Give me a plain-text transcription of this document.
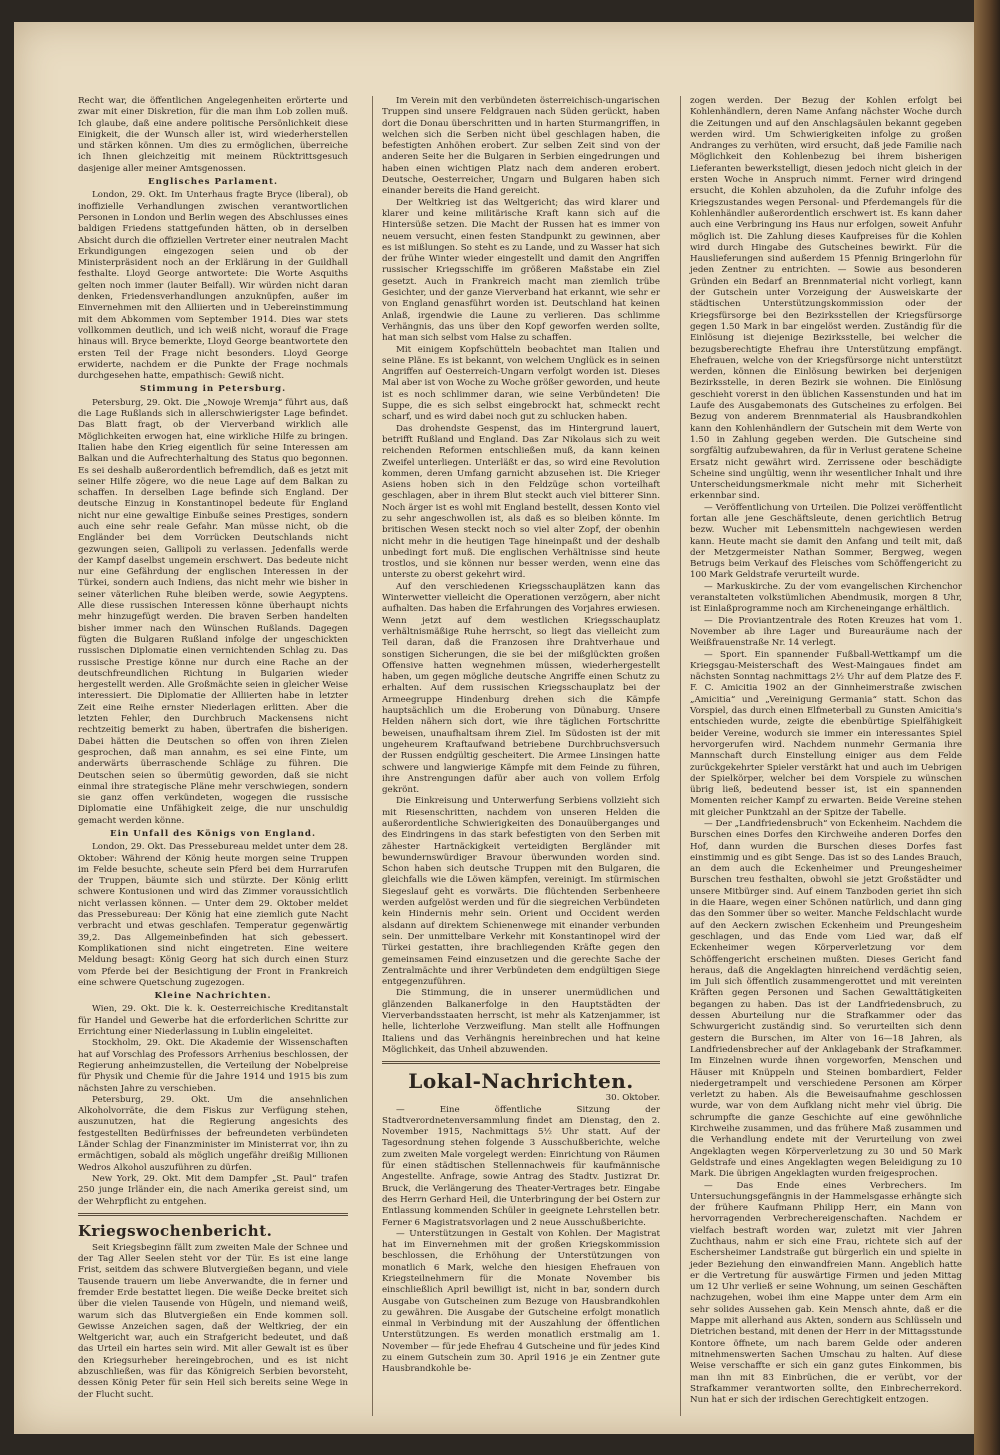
Recht war, die öffentlichen Angelegenheiten erörterte und zwar mit einer Diskretion, für die man ihm Lob zollen muß. Ich glaube, daß eine andere politische Persönlichkeit diese Einigkeit, die der Wunsch aller ist, wird wiederherstellen und stärken können. Um dies zu ermöglichen, überreiche ich Ihnen gleichzeitig mit meinem Rücktrittsgesuch dasjenige aller meiner Amtsgenossen.

Englisches Parlament.

London, 29. Okt. Im Unterhaus fragte Bryce (liberal), ob inoffizielle Verhandlungen zwischen verantwortlichen Personen in London und Berlin wegen des Abschlusses eines baldigen Friedens stattgefunden hätten, ob in derselben Absicht durch die offiziellen Vertreter einer neutralen Macht Erkundigungen eingezogen seien und ob der Ministerpräsident noch an der Erklärung in der Guildhall festhalte. Lloyd George antwortete: Die Worte Asquiths gelten noch immer (lauter Beifall). Wir würden nicht daran denken, Friedensverhandlungen anzuknüpfen, außer im Einvernehmen mit den Alliierten und in Uebereinstimmung mit dem Abkommen vom September 1914. Dies war stets vollkommen deutlich, und ich weiß nicht, worauf die Frage hinaus will. Bryce bemerkte, Lloyd George beantwortete den ersten Teil der Frage nicht besonders. Lloyd George erwiderte, nachdem er die Punkte der Frage nochmals durchgesehen hatte, empathisch: Gewiß nicht.

Stimmung in Petersburg.

Petersburg, 29. Okt. Die „Nowoje Wremja“ führt aus, daß die Lage Rußlands sich in allerschwierigster Lage befindet. Das Blatt fragt, ob der Vierverband wirklich alle Möglichkeiten erwogen hat, eine wirkliche Hilfe zu bringen. Italien habe den Krieg eigentlich für seine Interessen am Balkan und die Aufrechterhaltung des Status quo begonnen. Es sei deshalb außerordentlich befremdlich, daß es jetzt mit seiner Hilfe zögere, wo die neue Lage auf dem Balkan zu schaffen. In derselben Lage befinde sich England. Der deutsche Einzug in Konstantinopel bedeute für England nicht nur eine gewaltige Einbuße seines Prestiges, sondern auch eine sehr reale Gefahr. Man müsse nicht, ob die Engländer bei dem Vorrücken Deutschlands nicht gezwungen seien, Gallipoli zu verlassen. Jedenfalls werde der Kampf daselbst ungemein erschwert. Das bedeute nicht nur eine Gefährdung der englischen Interessen in der Türkei, sondern auch Indiens, das nicht mehr wie bisher in seiner väterlichen Ruhe bleiben werde, sowie Aegyptens. Alle diese russischen Interessen könne überhaupt nichts mehr hinzugefügt werden. Die braven Serben handelten bisher immer nach den Wünschen Rußlands. Dagegen fügten die Bulgaren Rußland infolge der ungeschickten russischen Diplomatie einen vernichtenden Schlag zu. Das russische Prestige könne nur durch eine Rache an der deutschfreundlichen Richtung in Bulgarien wieder hergestellt werden. Alle Großmächte seien in gleicher Weise interessiert. Die Diplomatie der Alliierten habe in letzter Zeit eine Reihe ernster Niederlagen erlitten. Aber die letzten Fehler, den Durchbruch Mackensens nicht rechtzeitig bemerkt zu haben, übertrafen die bisherigen. Dabei hätten die Deutschen so offen von ihren Zielen gesprochen, daß man annahm, es sei eine Finte, um anderwärts überraschende Schläge zu führen. Die Deutschen seien so übermütig geworden, daß sie nicht einmal ihre strategische Pläne mehr verschwiegen, sondern sie ganz offen verkündeten, wogegen die russische Diplomatie eine Unfähigkeit zeige, die nur unschuldig gemacht werden könne.

Ein Unfall des Königs von England.

London, 29. Okt. Das Pressebureau meldet unter dem 28. Oktober: Während der König heute morgen seine Truppen im Felde besuchte, scheute sein Pferd bei dem Hurrarufen der Truppen, bäumte sich und stürzte. Der König erlitt schwere Kontusionen und wird das Zimmer voraussichtlich nicht verlassen können. — Unter dem 29. Oktober meldet das Pressebureau: Der König hat eine ziemlich gute Nacht verbracht und etwas geschlafen. Temperatur gegenwärtig 39,2. Das Allgemeinbefinden hat sich gebessert. Komplikationen sind nicht eingetreten. Eine weitere Meldung besagt: König Georg hat sich durch einen Sturz vom Pferde bei der Besichtigung der Front in Frankreich eine schwere Quetschung zugezogen.

Kleine Nachrichten.

Wien, 29. Okt. Die k. k. Oesterreichische Kreditanstalt für Handel und Gewerbe hat die erforderlichen Schritte zur Errichtung einer Niederlassung in Lublin eingeleitet.

Stockholm, 29. Okt. Die Akademie der Wissenschaften hat auf Vorschlag des Professors Arrhenius beschlossen, der Regierung anheimzustellen, die Verteilung der Nobelpreise für Physik und Chemie für die Jahre 1914 und 1915 bis zum nächsten Jahre zu verschieben.

Petersburg, 29. Okt. Um die ansehnlichen Alkoholvorräte, die dem Fiskus zur Verfügung stehen, auszunutzen, hat die Regierung angesichts des festgestellten Bedürfnisses der befreundeten verbündeten Länder Schlag der Finanzminister im Ministerrat vor, ihn zu ermächtigen, sobald als möglich ungefähr dreißig Millionen Wedros Alkohol auszuführen zu dürfen.

New York, 29. Okt. Mit dem Dampfer „St. Paul“ trafen 250 junge Irländer ein, die nach Amerika gereist sind, um der Wehrpflicht zu entgehen.

Kriegswochenbericht.

Seit Kriegsbeginn fällt zum zweiten Male der Schnee und der Tag Aller Seelen steht vor der Tür. Es ist eine lange Frist, seitdem das schwere Blutvergießen begann, und viele Tausende trauern um liebe Anverwandte, die in ferner und fremder Erde bestattet liegen. Die weiße Decke breitet sich über die vielen Tausende von Hügeln, und niemand weiß, warum sich das Blutvergießen ein Ende kommen soll. Gewisse Anzeichen sagen, daß der Weltkrieg, der ein Weltgericht war, auch ein Strafgericht bedeutet, und daß das Urteil ein hartes sein wird. Mit aller Gewalt ist es über den Kriegsurheber hereingebrochen, und es ist nicht abzuschließen, was für das Königreich Serbien bevorsteht, dessen König Peter für sein Heil sich bereits seine Wege in der Flucht sucht.

Im Verein mit den verbündeten österreichisch-ungarischen Truppen sind unsere Feldgrauen nach Süden gerückt, haben dort die Donau überschritten und in harten Sturmangriffen, in welchen sich die Serben nicht übel geschlagen haben, die befestigten Anhöhen erobert. Zur selben Zeit sind von der anderen Seite her die Bulgaren in Serbien eingedrungen und haben einen wichtigen Platz nach dem anderen erobert. Deutsche, Oesterreicher, Ungarn und Bulgaren haben sich einander bereits die Hand gereicht.

Der Weltkrieg ist das Weltgericht; das wird klarer und klarer und keine militärische Kraft kann sich auf die Hintersüße setzen. Die Macht der Russen hat es immer von neuem versucht, einen festen Standpunkt zu gewinnen, aber es ist mißlungen. So steht es zu Lande, und zu Wasser hat sich der frühe Winter wieder eingestellt und damit den Angriffen russischer Kriegsschiffe im größeren Maßstabe ein Ziel gesetzt. Auch in Frankreich macht man ziemlich trübe Gesichter, und der ganze Vierverband hat erkannt, wie sehr er von England genasführt worden ist. Deutschland hat keinen Anlaß, irgendwie die Laune zu verlieren. Das schlimme Verhängnis, das uns über den Kopf geworfen werden sollte, hat man sich selbst vom Halse zu schaffen.

Mit einigem Kopfschütteln beobachtet man Italien und seine Pläne. Es ist bekannt, von welchem Unglück es in seinen Angriffen auf Oesterreich-Ungarn verfolgt worden ist. Dieses Mal aber ist von Woche zu Woche größer geworden, und heute ist es noch schlimmer daran, wie seine Verbündeten! Die Suppe, die es sich selbst eingebrockt hat, schmeckt recht scharf, und es wird dabei noch gut zu schlucken haben.

Das drohendste Gespenst, das im Hintergrund lauert, betrifft Rußland und England. Das Zar Nikolaus sich zu weit reichenden Reformen entschließen muß, da kann keinen Zweifel unterliegen. Unterläßt er das, so wird eine Revolution kommen, deren Umfang garnicht abzusehen ist. Die Krieger Asiens hoben sich in den Feldzüge schon vorteilhaft geschlagen, aber in ihrem Blut steckt auch viel bitterer Sinn. Noch ärger ist es wohl mit England bestellt, dessen Konto viel zu sehr angeschwollen ist, als daß es so bleiben könnte. Im britischen Wesen steckt noch so viel alter Zopf, der obenhin nicht mehr in die heutigen Tage hineinpaßt und der deshalb unbedingt fort muß. Die englischen Verhältnisse sind heute trostlos, und sie können nur besser werden, wenn eine das unterste zu oberst gekehrt wird.

Auf den verschiedenen Kriegsschauplätzen kann das Winterwetter vielleicht die Operationen verzögern, aber nicht aufhalten. Das haben die Erfahrungen des Vorjahres erwiesen. Wenn jetzt auf dem westlichen Kriegsschauplatz verhältnismäßige Ruhe herrscht, so liegt das vielleicht zum Teil daran, daß die Franzosen ihre Drahtverhaue und sonstigen Sicherungen, die sie bei der mißglückten großen Offensive hatten wegnehmen müssen, wiederhergestellt haben, um gegen mögliche deutsche Angriffe einen Schutz zu erhalten. Auf dem russischen Kriegsschauplatz bei der Armeegruppe Hindenburg drehen sich die Kämpfe hauptsächlich um die Eroberung von Dünaburg. Unsere Helden nähern sich dort, wie ihre täglichen Fortschritte beweisen, unaufhaltsam ihrem Ziel. Im Südosten ist der mit ungeheurem Kraftaufwand betriebene Durchbruchsversuch der Russen endgültig gescheitert. Die Armee Linsingen hatte schwere und langwierige Kämpfe mit dem Feinde zu führen, ihre Anstrengungen dafür aber auch von vollem Erfolg gekrönt.

Die Einkreisung und Unterwerfung Serbiens vollzieht sich mit Riesenschritten, nachdem von unseren Helden die außerordentliche Schwierigkeiten des Donauüberganges und des Eindringens in das stark befestigten von den Serben mit zähester Hartnäckigkeit verteidigten Bergländer mit bewundernswürdiger Bravour überwunden worden sind. Schon haben sich deutsche Truppen mit den Bulgaren, die gleichfalls wie die Löwen kämpfen, vereinigt. Im stürmischen Siegeslauf geht es vorwärts. Die flüchtenden Serbenheere werden aufgelöst werden und für die siegreichen Verbündeten kein Hindernis mehr sein. Orient und Occident werden alsdann auf direktem Schienenwege mit einander verbunden sein. Der unmittelbare Verkehr mit Konstantinopel wird der Türkei gestatten, ihre brachliegenden Kräfte gegen den gemeinsamen Feind einzusetzen und die gerechte Sache der Zentralmächte und ihrer Verbündeten dem endgültigen Siege entgegenzuführen.

Die Stimmung, die in unserer unermüdlichen und glänzenden Balkanerfolge in den Hauptstädten der Vierverbandsstaaten herrscht, ist mehr als Katzenjammer, ist helle, lichterlohe Verzweiflung. Man stellt alle Hoffnungen Italiens und das Verhängnis hereinbrechen und hat keine Möglichkeit, das Unheil abzuwenden.

Lokal-Nachrichten.

30. Oktober.

— Eine öffentliche Sitzung der Stadtverordnetenversammlung findet am Dienstag, den 2. November 1915, Nachmittags 5½ Uhr statt. Auf der Tagesordnung stehen folgende 3 Ausschußberichte, welche zum zweiten Male vorgelegt werden: Einrichtung von Räumen für einen städtischen Stellennachweis für kaufmännische Angestellte. Anfrage, sowie Antrag des Stadtv. Justizrat Dr. Bruck, die Verlängerung des Theater-Vertrages betr. Eingabe des Herrn Gerhard Heil, die Unterbringung der bei Ostern zur Entlassung kommenden Schüler in geeignete Lehrstellen betr. Ferner 6 Magistratsvorlagen und 2 neue Ausschußberichte.

— Unterstützungen in Gestalt von Kohlen. Der Magistrat hat im Einvernehmen mit der großen Kriegskommission beschlossen, die Erhöhung der Unterstützungen von monatlich 6 Mark, welche den hiesigen Ehefrauen von Kriegsteilnehmern für die Monate November bis einschließlich April bewilligt ist, nicht in bar, sondern durch Ausgabe von Gutscheinen zum Bezuge von Hausbrandkohlen zu gewähren. Die Ausgabe der Gutscheine erfolgt monatlich einmal in Verbindung mit der Auszahlung der öffentlichen Unterstützungen. Es werden monatlich erstmalig am 1. November — für jede Ehefrau 4 Gutscheine und für jedes Kind zu einem Gutschein zum 30. April 1916 je ein Zentner gute Hausbrandkohle be-

zogen werden. Der Bezug der Kohlen erfolgt bei Kohlenhändlern, deren Name Anfang nächster Woche durch die Zeitungen und auf den Anschlagsäulen bekannt gegeben werden wird. Um Schwierigkeiten infolge zu großen Andranges zu verhüten, wird ersucht, daß jede Familie nach Möglichkeit den Kohlenbezug bei ihrem bisherigen Lieferanten bewerkstelligt, diesen jedoch nicht gleich in der ersten Woche in Anspruch nimmt. Ferner wird dringend ersucht, die Kohlen abzuholen, da die Zufuhr infolge des Kriegszustandes wegen Personal- und Pferdemangels für die Kohlenhändler außerordentlich erschwert ist. Es kann daher auch eine Verbringung ins Haus nur erfolgen, soweit Anfuhr möglich ist. Die Zahlung dieses Kaufpreises für die Kohlen wird durch Hingabe des Gutscheines bewirkt. Für die Hauslieferungen sind außerdem 15 Pfennig Bringerlohn für jeden Zentner zu entrichten. — Sowie aus besonderen Gründen ein Bedarf an Brennmaterial nicht vorliegt, kann der Gutschein unter Vorzeigung der Ausweiskarte der städtischen Unterstützungskommission oder der Kriegsfürsorge bei den Bezirksstellen der Kriegsfürsorge gegen 1.50 Mark in bar eingelöst werden. Zuständig für die Einlösung ist diejenige Bezirksstelle, bei welcher die bezugsberechtigte Ehefrau ihre Unterstützung empfängt. Ehefrauen, welche von der Kriegsfürsorge nicht unterstützt werden, können die Einlösung bewirken bei derjenigen Bezirksstelle, in deren Bezirk sie wohnen. Die Einlösung geschieht vorerst in den üblichen Kassenstunden und hat im Laufe des Ausgabemonats des Gutscheines zu erfolgen. Bei Bezug von anderem Brennmaterial als Hausbrandkohlen kann den Kohlenhändlern der Gutschein mit dem Werte von 1.50 in Zahlung gegeben werden. Die Gutscheine sind sorgfältig aufzubewahren, da für in Verlust geratene Scheine Ersatz nicht gewährt wird. Zerrissene oder beschädigte Scheine sind ungültig, wenn ihr wesentlicher Inhalt und ihre Unterscheidungsmerkmale nicht mehr mit Sicherheit erkennbar sind.

— Veröffentlichung von Urteilen. Die Polizei veröffentlicht fortan alle jene Geschäftsleute, denen gerichtlich Betrug bezw. Wucher mit Lebensmitteln nachgewiesen werden kann. Heute macht sie damit den Anfang und teilt mit, daß der Metzgermeister Nathan Sommer, Bergweg, wegen Betrugs beim Verkauf des Fleisches vom Schöffengericht zu 100 Mark Geldstrafe verurteilt wurde.

— Markuskirche. Zu der vom evangelischen Kirchenchor veranstalteten volkstümlichen Abendmusik, morgen 8 Uhr, ist Einlaßprogramme noch am Kircheneingange erhältlich.

— Die Proviantzentrale des Roten Kreuzes hat vom 1. November ab ihre Lager und Bureauräume nach der Weißfrauenstraße Nr. 14 verlegt.

— Sport. Ein spannender Fußball-Wettkampf um die Kriegsgau-Meisterschaft des West-Maingaues findet am nächsten Sonntag nachmittags 2½ Uhr auf dem Platze des F. F. C. Amicitia 1902 an der Ginnheimerstraße zwischen „Amicitia“ und „Vereinigung Germania“ statt. Schon das Vorspiel, das durch einen Elfmeterball zu Gunsten Amicitia's entschieden wurde, zeigte die ebenbürtige Spielfähigkeit beider Vereine, wodurch sie immer ein interessantes Spiel hervorgerufen wird. Nachdem nunmehr Germania ihre Mannschaft durch Einstellung einiger aus dem Felde zurückgekehrter Spieler verstärkt hat und auch im Uebrigen der Spielkörper, welcher bei dem Vorspiele zu wünschen übrig ließ, bedeutend besser ist, ist ein spannenden Momenten reicher Kampf zu erwarten. Beide Vereine stehen mit gleicher Punktzahl an der Spitze der Tabelle.

— Der „Landfriedensbruch“ von Eckenheim. Nachdem die Burschen eines Dorfes den Kirchweihe anderen Dorfes den Hof, dann wurden die Burschen dieses Dorfes fast einstimmig und es gibt Senge. Das ist so des Landes Brauch, an dem auch die Eckenheimer und Preungesheimer Burschen treu festhalten, obwohl sie jetzt Großstädter und unsere Mitbürger sind. Auf einem Tanzboden geriet ihn sich in die Haare, wegen einer Schönen natürlich, und dann ging das den Sommer über so weiter. Manche Feldschlacht wurde auf den Aeckern zwischen Eckenheim und Preungesheim geschlagen, und das Ende vom Lied war, daß elf Eckenheimer wegen Körperverletzung vor dem Schöffengericht erscheinen mußten. Dieses Gericht fand heraus, daß die Angeklagten hinreichend verdächtig seien, im Juli sich öffentlich zusammengerottet und mit vereinten Kräften gegen Personen und Sachen Gewalttätigkeiten begangen zu haben. Das ist der Landfriedensbruch, zu dessen Aburteilung nur die Strafkammer oder das Schwurgericht zuständig sind. So verurteilten sich denn gestern die Burschen, im Alter von 16—18 Jahren, als Landfriedensbrecher auf der Anklagebank der Strafkammer. Im Einzelnen wurde ihnen vorgeworfen, Menschen und Häuser mit Knüppeln und Steinen bombardiert, Felder niedergetrampelt und verschiedene Personen am Körper verletzt zu haben. Als die Beweisaufnahme geschlossen wurde, war von dem Aufklang nicht mehr viel übrig. Die schrumpfte die ganze Geschichte auf eine gewöhnliche Kirchweihe zusammen, und das frühere Maß zusammen und die Verhandlung endete mit der Verurteilung von zwei Angeklagten wegen Körperverletzung zu 30 und 50 Mark Geldstrafe und eines Angeklagten wegen Beleidigung zu 10 Mark. Die übrigen Angeklagten wurden freigesprochen.

— Das Ende eines Verbrechers. Im Untersuchungsgefängnis in der Hammelsgasse erhängte sich der frühere Kaufmann Philipp Herr, ein Mann von hervorragenden Verbrechereigenschaften. Nachdem er vielfach bestraft worden war, zuletzt mit vier Jahren Zuchthaus, nahm er sich eine Frau, richtete sich auf der Eschersheimer Landstraße gut bürgerlich ein und spielte in jeder Beziehung den einwandfreien Mann. Angeblich hatte er die Vertretung für auswärtige Firmen und jeden Mittag um 12 Uhr verließ er seine Wohnung, um seinen Geschäften nachzugehen, wobei ihm eine Mappe unter dem Arm ein sehr solides Aussehen gab. Kein Mensch ahnte, daß er die Mappe mit allerhand aus Akten, sondern aus Schlüsseln und Dietrichen bestand, mit denen der Herr in der Mittagsstunde Kontore öffnete, um nach barem Gelde oder anderen mitnehmenswerten Sachen Umschau zu halten. Auf diese Weise verschaffte er sich ein ganz gutes Einkommen, bis man ihn mit 83 Einbrüchen, die er verübt, vor der Strafkammer verantworten sollte, den Einbrecherrekord. Nun hat er sich der irdischen Gerechtigkeit entzogen.
